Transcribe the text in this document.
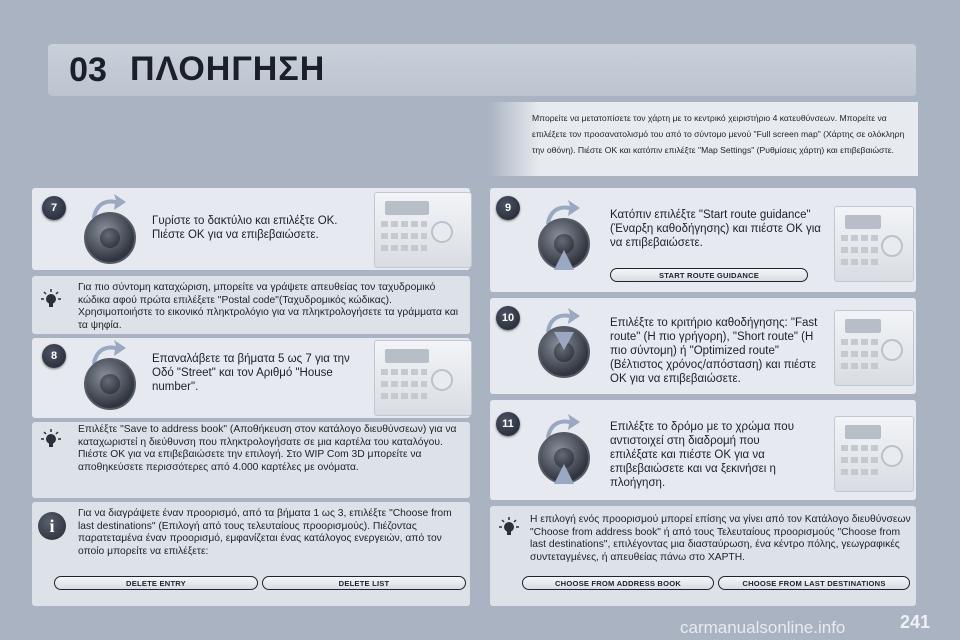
03 ΠΛΟΗΓΗΣΗ
Μπορείτε να μετατοπίσετε τον χάρτη με το κεντρικό χειριστήριο 4 κατευθύνσεων. Μπορείτε να επιλέξετε τον προσανατολισμό του από το σύντομο μενού "Full screen map" (Χάρτης σε ολόκληρη την οθόνη). Πιέστε ΟΚ και κατόπιν επιλέξτε "Map Settings" (Ρυθμίσεις χάρτη) και επιβεβαιώστε.
7
Γυρίστε το δακτύλιο και επιλέξτε ΟΚ. Πιέστε ΟΚ για να επιβεβαιώσετε.
Για πιο σύντομη καταχώριση, μπορείτε να γράψετε απευθείας τον ταχυδρομικό κώδικα αφού πρώτα επιλέξετε "Postal code"(Ταχυδρομικός κώδικας). Χρησιμοποιήστε το εικονικό πληκτρολόγιο για να πληκτρολογήσετε τα γράμματα και τα ψηφία.
8	Επαναλάβετε τα βήματα 5 ως 7 για την Οδό "Street" και τον Αριθμό "House number".
Επιλέξτε "Save to address book" (Αποθήκευση στον κατάλογο διευθύνσεων) για να καταχωριστεί η διεύθυνση που πληκτρολογήσατε σε μια καρτέλα του καταλόγου. Πιέστε ΟΚ για να επιβεβαιώσετε την επιλογή. Στο WIP Com 3D μπορείτε να αποθηκεύσετε περισσότερες από 4.000 καρτέλες με ονόματα.
i
Για να διαγράψετε έναν προορισμό, από τα βήματα 1 ως 3, επιλέξτε "Choose from last destinations" (Επιλογή από τους τελευταίους προορισμούς). Πιέζοντας παρατεταμένα έναν προορισμό, εμφανίζεται ένας κατάλογος ενεργειών, από τον οποίο μπορείτε να επιλέξετε:
DELETE ENTRY	DELETE LIST
9
Κατόπιν επιλέξτε "Start route guidance" (Έναρξη καθοδήγησης) και πιέστε ΟΚ για να επιβεβαιώσετε.
START ROUTE GUIDANCE
10	Επιλέξτε το κριτήριο καθοδήγησης: "Fast route" (Η πιο γρήγορη), "Short route" (Η πιο σύντομη) ή "Optimized route" (Βέλτιστος χρόνος/απόσταση) και πιέστε ΟΚ για να επιβεβαιώσετε.
11	Επιλέξτε το δρόμο με το χρώμα που αντιστοιχεί στη διαδρομή που επιλέξατε και πιέστε ΟΚ για να επιβεβαιώσετε και να ξεκινήσει η πλοήγηση.
Η επιλογή ενός προορισμού μπορεί επίσης να γίνει από τον Κατάλογο διευθύνσεων "Choose from address book" ή από τους Τελευταίους προορισμούς "Choose from last destinations", επιλέγοντας μια διασταύρωση, ένα κέντρο πόλης, γεωγραφικές συντεταγμένες, ή απευθείας πάνω στο ΧΑΡΤΗ.
CHOOSE FROM ADDRESS BOOK	CHOOSE FROM LAST DESTINATIONS
carmanualsonline.info	241
